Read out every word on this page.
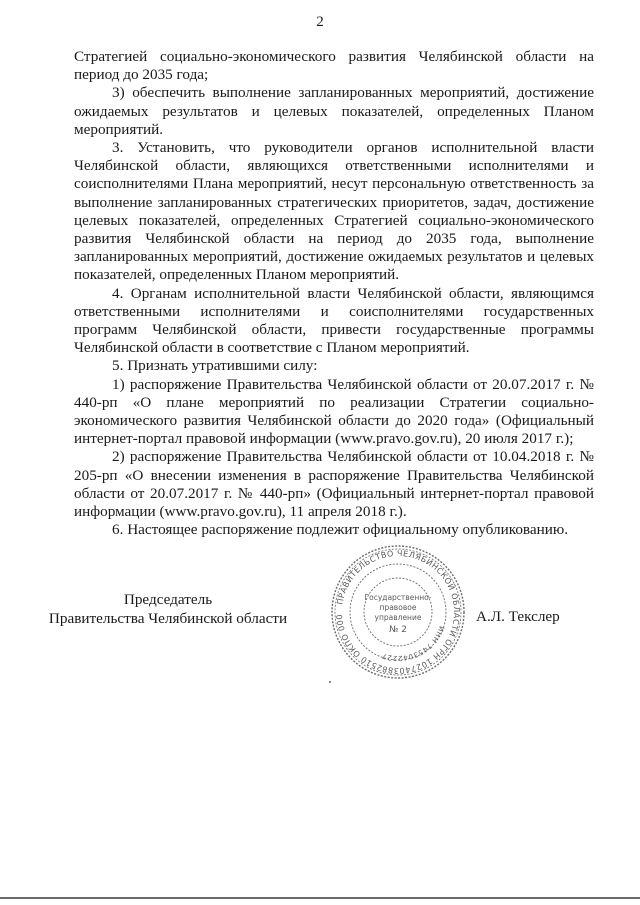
2

Стратегией социально-экономического развития Челябинской области на период до 2035 года;

3) обеспечить выполнение запланированных мероприятий, достижение ожидаемых результатов и целевых показателей, определенных Планом мероприятий.

3. Установить, что руководители органов исполнительной власти Челябинской области, являющихся ответственными исполнителями и соисполнителями Плана мероприятий, несут персональную ответственность за выполнение запланированных стратегических приоритетов, задач, достижение целевых показателей, определенных Стратегией социально-экономического развития Челябинской области на период до 2035 года, выполнение запланированных мероприятий, достижение ожидаемых результатов и целевых показателей, определенных Планом мероприятий.

4. Органам исполнительной власти Челябинской области, являющимся ответственными исполнителями и соисполнителями государственных программ Челябинской области, привести государственные программы Челябинской области в соответствие с Планом мероприятий.

5. Признать утратившими силу:

1) распоряжение Правительства Челябинской области от 20.07.2017 г. № 440-рп «О плане мероприятий по реализации Стратегии социально-экономического развития Челябинской области до 2020 года» (Официальный интернет-портал правовой информации (www.pravo.gov.ru), 20 июля 2017 г.);

2) распоряжение Правительства Челябинской области от 10.04.2018 г. № 205-рп «О внесении изменения в распоряжение Правительства Челябинской области от 20.07.2017 г. № 440-рп» (Официальный интернет-портал правовой информации (www.pravo.gov.ru), 11 апреля 2018 г.).

6. Настоящее распоряжение подлежит официальному опубликованию.

Председатель
Правительства Челябинской области
ПРАВИТЕЛЬСТВО ЧЕЛЯБИНСКОЙ ОБЛАСТИ ОГРН 1027403882510 ОКПО 000
ИНН 7453042227
Государственно-
правовое
управление
№ 2
А.Л. Текслер
